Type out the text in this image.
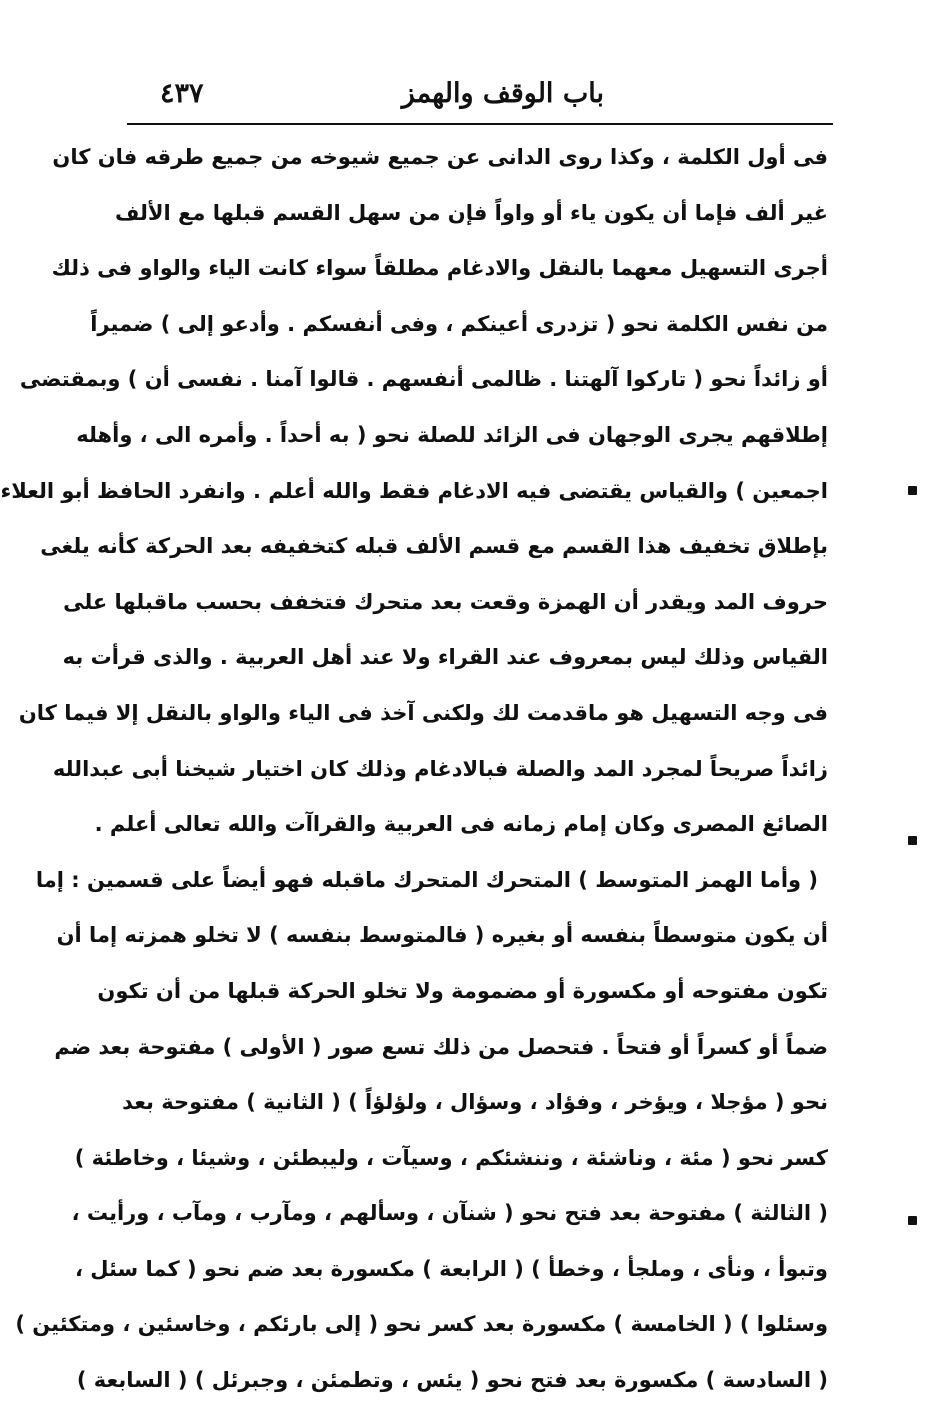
باب الوقف والهمز
٤٣٧
فى أول الكلمة ، وكذا روى الدانى عن جميع شيوخه من جميع طرقه فان كان
غير ألف فإما أن يكون ياء أو واواً فإن من سهل القسم قبلها مع الألف
أجرى التسهيل معهما بالنقل والادغام مطلقاً سواء كانت الياء والواو فى ذلك
من نفس الكلمة نحو ( تزدرى أعينكم ، وفى أنفسكم . وأدعو إلى ) ضميراً
أو زائداً نحو ( تاركوا آلهتنا . ظالمى أنفسهم . قالوا آمنا . نفسى أن ) وبمقتضى
إطلاقهم يجرى الوجهان فى الزائد للصلة نحو ( به أحداً . وأمره الى ، وأهله
اجمعين ) والقياس يقتضى فيه الادغام فقط والله أعلم . وانفرد الحافظ أبو العلاء
بإطلاق تخفيف هذا القسم مع قسم الألف قبله كتخفيفه بعد الحركة كأنه يلغى
حروف المد ويقدر أن الهمزة وقعت بعد متحرك فتخفف بحسب ماقبلها على
القياس وذلك ليس بمعروف عند القراء ولا عند أهل العربية . والذى قرأت به
فى وجه التسهيل هو ماقدمت لك ولكنى آخذ فى الياء والواو بالنقل إلا فيما كان
زائداً صريحاً لمجرد المد والصلة فبالادغام وذلك كان اختيار شيخنا أبى عبدالله
الصائغ المصرى وكان إمام زمانه فى العربية والقراآت والله تعالى أعلم .
( وأما الهمز المتوسط ) المتحرك المتحرك ماقبله فهو أيضاً على قسمين : إما
أن يكون متوسطاً بنفسه أو بغيره ( فالمتوسط بنفسه ) لا تخلو همزته إما أن
تكون مفتوحه أو مكسورة أو مضمومة ولا تخلو الحركة قبلها من أن تكون
ضماً أو كسراً أو فتحاً . فتحصل من ذلك تسع صور ( الأولى ) مفتوحة بعد ضم
نحو ( مؤجلا ، ويؤخر ، وفؤاد ، وسؤال ، ولؤلؤاً ) ( الثانية ) مفتوحة بعد
كسر نحو ( مئة ، وناشئة ، وننشئكم ، وسيآت ، وليبطئن ، وشيئا ، وخاطئة )
( الثالثة ) مفتوحة بعد فتح نحو ( شنآن ، وسألهم ، ومآرب ، ومآب ، ورأيت ،
وتبوأ ، ونأى ، وملجأ ، وخطأ ) ( الرابعة ) مكسورة بعد ضم نحو ( كما سئل ،
وسئلوا ) ( الخامسة ) مكسورة بعد كسر نحو ( إلى بارئكم ، وخاسئين ، ومتكئين )
( السادسة ) مكسورة بعد فتح نحو ( يئس ، وتطمئن ، وجبرئل ) ( السابعة )
